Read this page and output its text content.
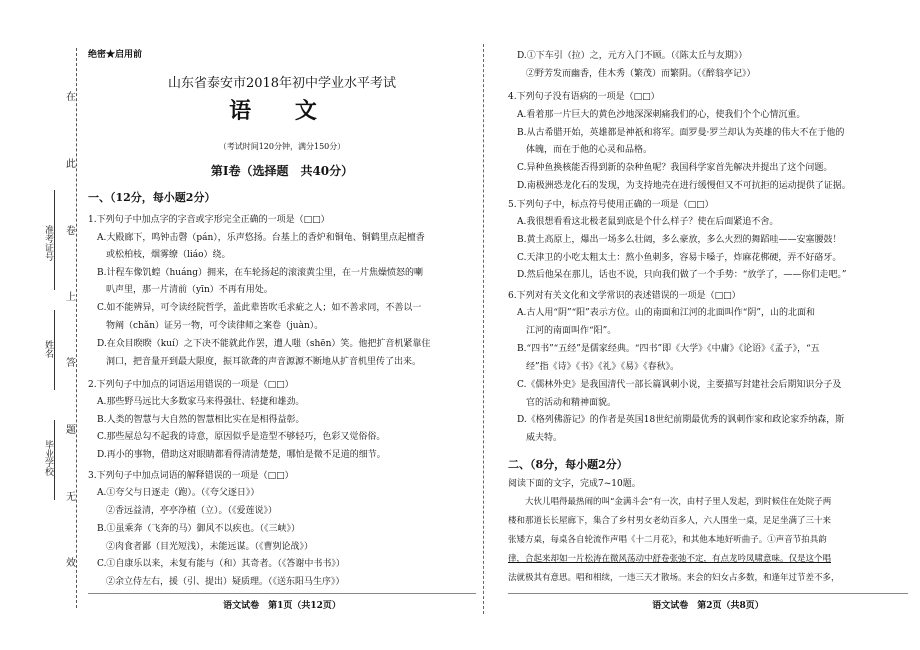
在
此
卷
上
答
题
无
效
准考证号
姓名
毕业学校
绝密★启用前
山东省泰安市2018年初中学业水平考试
语 文
（考试时间120分钟，满分150分）
第Ⅰ卷（选择题　共40分）
一、（12分，每小题2分）
1.下列句子中加点字的字音或字形完全正确的一项是（□□）
　A.大殿廊下，鸣钟击磬（pán），乐声悠扬。台基上的香炉和铜龟、铜鹤里点起檀香
　　或松柏枝，烟雾缭（liáo）绕。
　B.计程车像饥蝗（huáng）拥来，在车轮扬起的滚滚黄尘里，在一片焦燥愤怒的喇
　　叭声里，那一片清前（yīn）不再有用处。
　C.如不能辨异，可令读经院哲学，盖此辈皆吹毛求疵之人；如不善求同，不善以一
　　物阐（chǎn）证另一物，可令读律师之案卷（juàn）。
　D.在众目睽睽（kuí）之下决不能就此作罢，遭人嗤（shēn）笑。他把扩音机紧靠住
　　洞口，把音量开到最大限度，振耳欲聋的声音源源不断地从扩音机里传了出来。
2.下列句子中加点的词语运用错误的一项是（□□）
　A.那些野马远比大多数家马来得强壮、轻捷和雄劲。
　B.人类的智慧与大自然的智慧相比实在是相得益彰。
　C.那些屋总勾不起我的诗意，原因似乎是造型不够轻巧，色彩又觉俗俗。
　D.再小的事物，借助这对眼睛都看得清清楚楚，哪怕是微不足道的细节。
3.下列句子中加点词语的解释错误的一项是（□□）
　A.①夸父与日逐走（跑）。（《夸父逐日》）
　　②香远益清，亭亭净植（立）。（《爱莲说》）
　B.①虽乘奔（飞奔的马）御风不以疾也。（《三峡》）
　　②肉食者鄙（目光短浅），未能远谋。（《曹刿论战》）
　C.①自康乐以来，未复有能与（和）其奇者。（《答谢中书书》）
　　②余立侍左右，援（引、提出）疑质理。（《送东阳马生序》）
语文试卷　第1页（共12页）
　D.①下车引（拉）之，元方入门不顾。（《陈太丘与友期》）
　　②野芳发而幽香，佳木秀（繁茂）而繁阴。（《醉翁亭记》）
4.下列句子没有语病的一项是（□□）
　A.看着那一片巨大的黄色沙地深深刺痛我们的心，使我们个个心情沉重。
　B.从古希腊开始，英雄都是神祇和将军。面罗曼·罗兰却认为英雄的伟大不在于他的
　　体魄，而在于他的心灵和品格。
　C.异种鱼换核能否得到新的杂种鱼呢？我国科学家首先解决并提出了这个问题。
　D.南极洲恐龙化石的发现，为支持地壳在进行缓慢但又不可抗拒的运动提供了证据。
5.下列句子中，标点符号使用正确的一项是（□□）
　A.我很想看看这北极老鼠到底是个什么样子？使在后面紧追不舍。
　B.黄土高原上，爆出一场多么壮阔，多么豪放，多么火烈的舞蹈哇——安塞腰鼓！
　C.天津卫的小吃太粗太土：熬小鱼刺多，容易卡嗓子，炸麻花梆硬，弄不好硌牙。
　D.然后他呆在那儿，话也不说，只向我们做了一个手势：“放学了，——你们走吧。”
6.下列对有关文化和文学常识的表述错误的一项是（□□）
　A.古人用“阴”“阳”表示方位。山的南面和江河的北面叫作“阴”，山的北面和
　　江河的南面叫作“阳”。
　B.“四书”“五经”是儒家经典。“四书”即《大学》《中庸》《论语》《孟子》，“五
　　经”指《诗》《书》《礼》《易》《春秋》。
　C.《儒林外史》是我国清代一部长篇讽刺小说，主要描写封建社会后期知识分子及
　　官的活动和精神面貌。
　D.《格列佛游记》的作者是英国18世纪前期最优秀的讽刺作家和政论家乔纳森，斯
　　威夫特。
二、（8分，每小题2分）
阅读下面的文字，完成7~10题。
　　大伙儿唱得最热闹的叫“金满斗会”有一次，由村子里人发起，到时候住在处院子两
楼和那道长长屋廊下，集合了乡村男女老幼百多人，六人围坐一桌，足足坐满了三十来
张矮方桌，每桌各自轮流作声唱《十二月花》，和其他本地好听曲子。①声音节拍具韵
律，合起来却如一片松涛在微风荡动中舒卷张弛不定，有点龙吟凤啸意味。仅是这个唱
法就极其有意思。唱和相续，一违三天才散场。来会的妇女占多数，和逢年过节差不多，
语文试卷　第2页（共8页）
